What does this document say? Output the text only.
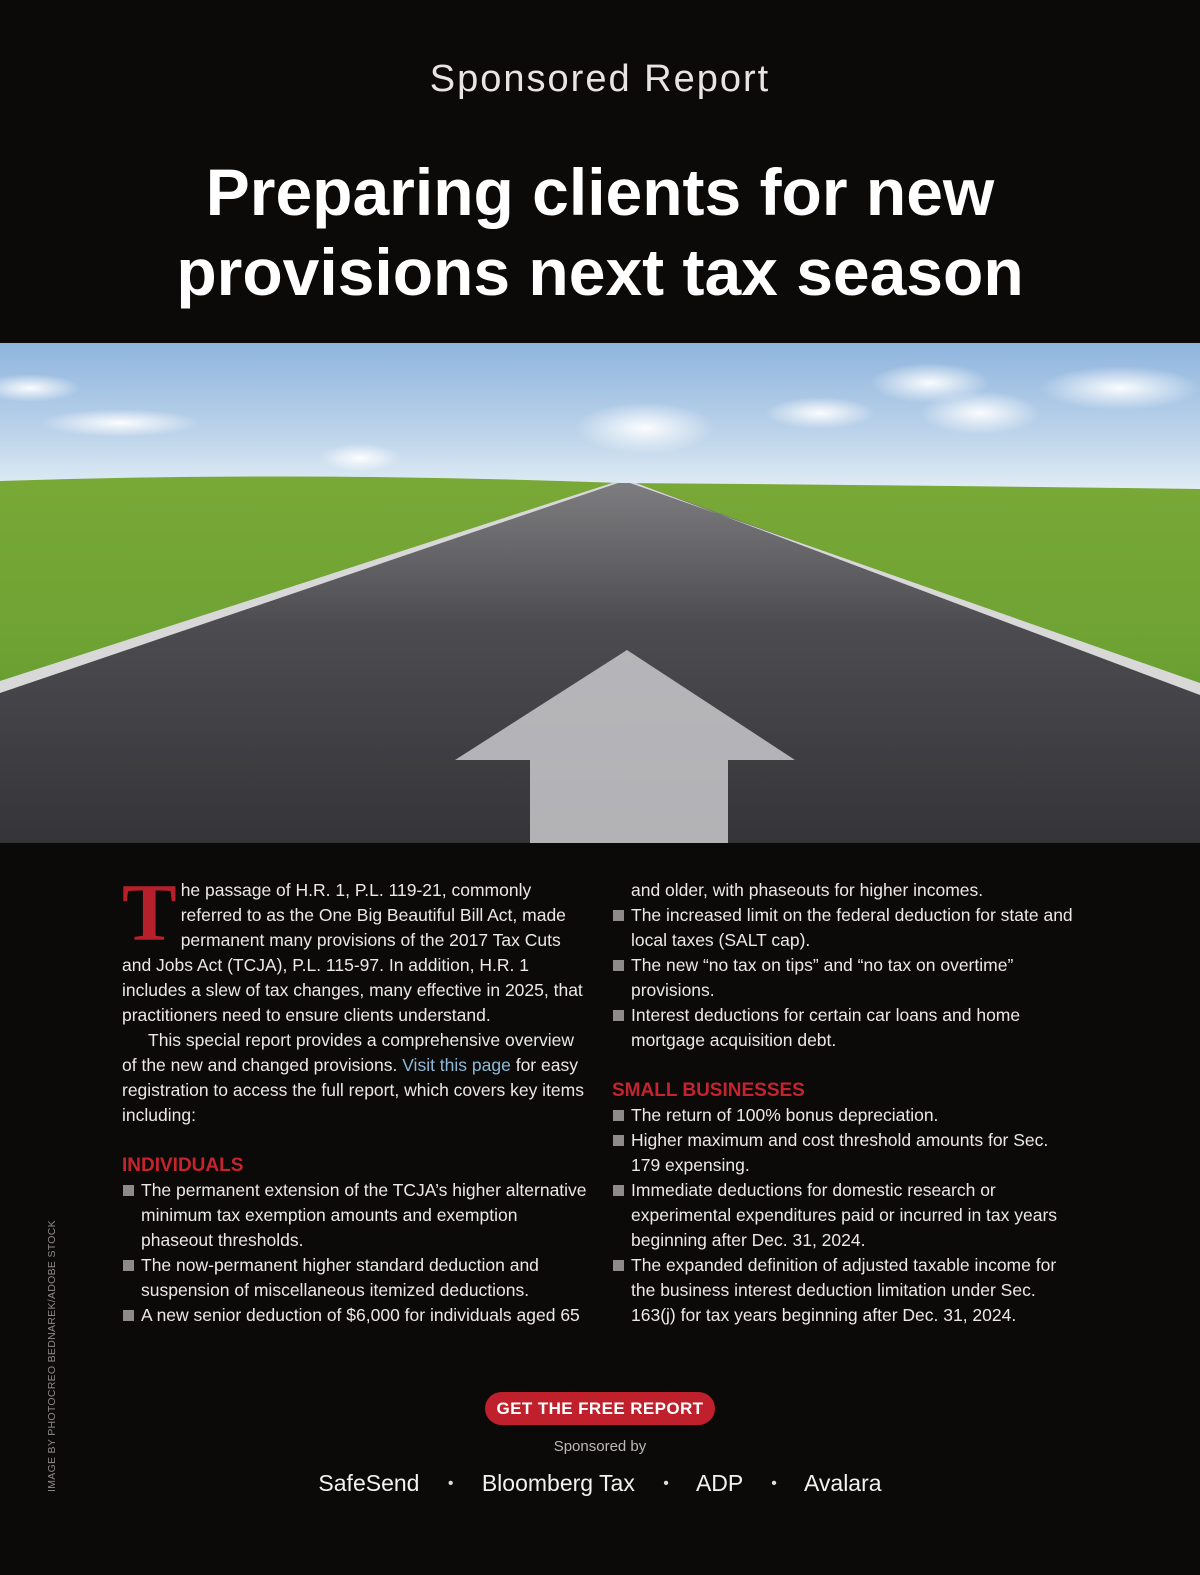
Sponsored Report
Preparing clients for new
provisions next tax season

T he passage of H.R. 1, P.L. 119-21, commonly referred to as the One Big Beautiful Bill Act, made permanent many provisions of the 2017 Tax Cuts and Jobs Act (TCJA), P.L. 115-97. In addition, H.R. 1 includes a slew of tax changes, many effective in 2025, that practitioners need to ensure clients understand.

This special report provides a comprehensive overview of the new and changed provisions. Visit this page for easy registration to access the full report, which covers key items including:

INDIVIDUALS
The permanent extension of the TCJA’s higher alternative minimum tax exemption amounts and exemption phaseout thresholds.
The now-permanent higher standard deduction and suspension of miscellaneous itemized deductions.
A new senior deduction of $6,000 for individuals aged 65
and older, with phaseouts for higher incomes.
The increased limit on the federal deduction for state and local taxes (SALT cap).
The new “no tax on tips” and “no tax on overtime” provisions.
Interest deductions for certain car loans and home mortgage acquisition debt.
SMALL BUSINESSES
The return of 100% bonus depreciation.
Higher maximum and cost threshold amounts for Sec. 179 expensing.
Immediate deductions for domestic research or experimental expenditures paid or incurred in tax years beginning after Dec. 31, 2024.
The expanded definition of adjusted taxable income for the business interest deduction limitation under Sec. 163(j) for tax years beginning after Dec. 31, 2024.
GET THE FREE REPORT
Sponsored by
SafeSend • Bloomberg Tax • ADP • Avalara
IMAGE BY PHOTOCREO BEDNAREK/ADOBE STOCK
